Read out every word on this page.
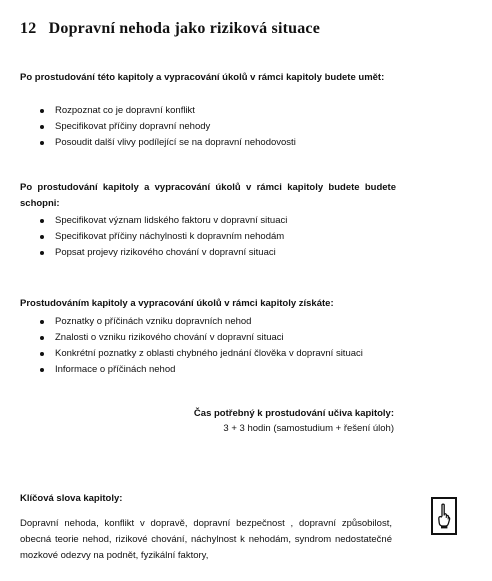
12 Dopravní nehoda jako riziková situace
Po prostudování této kapitoly a vypracování úkolů v rámci kapitoly budete umět:
Rozpoznat co je dopravní konflikt
Specifikovat příčiny dopravní nehody
Posoudit další vlivy podílející se na dopravní nehodovosti
Po prostudování kapitoly a vypracování úkolů v rámci kapitoly budete budete schopni:
Specifikovat význam lidského faktoru v dopravní situaci
Specifikovat příčiny náchylnosti k dopravním nehodám
Popsat projevy rizikového chování v dopravní situaci
Prostudováním kapitoly a vypracování úkolů v rámci kapitoly získáte:
Poznatky o příčinách vzniku dopravních nehod
Znalosti o vzniku rizikového chování v dopravní situaci
Konkrétní poznatky z oblasti chybného jednání člověka v dopravní situaci
Informace o příčinách nehod
Čas potřebný k prostudování učiva kapitoly:
3 + 3 hodin (samostudium + řešení úloh)
Klíčová slova kapitoly:
Dopravní nehoda, konflikt v dopravě, dopravní bezpečnost , dopravní způsobilost, obecná teorie nehod, rizikové chování, náchylnost k nehodám, syndrom nedostatečné mozkové odezvy na podnět, fyzikální faktory,
